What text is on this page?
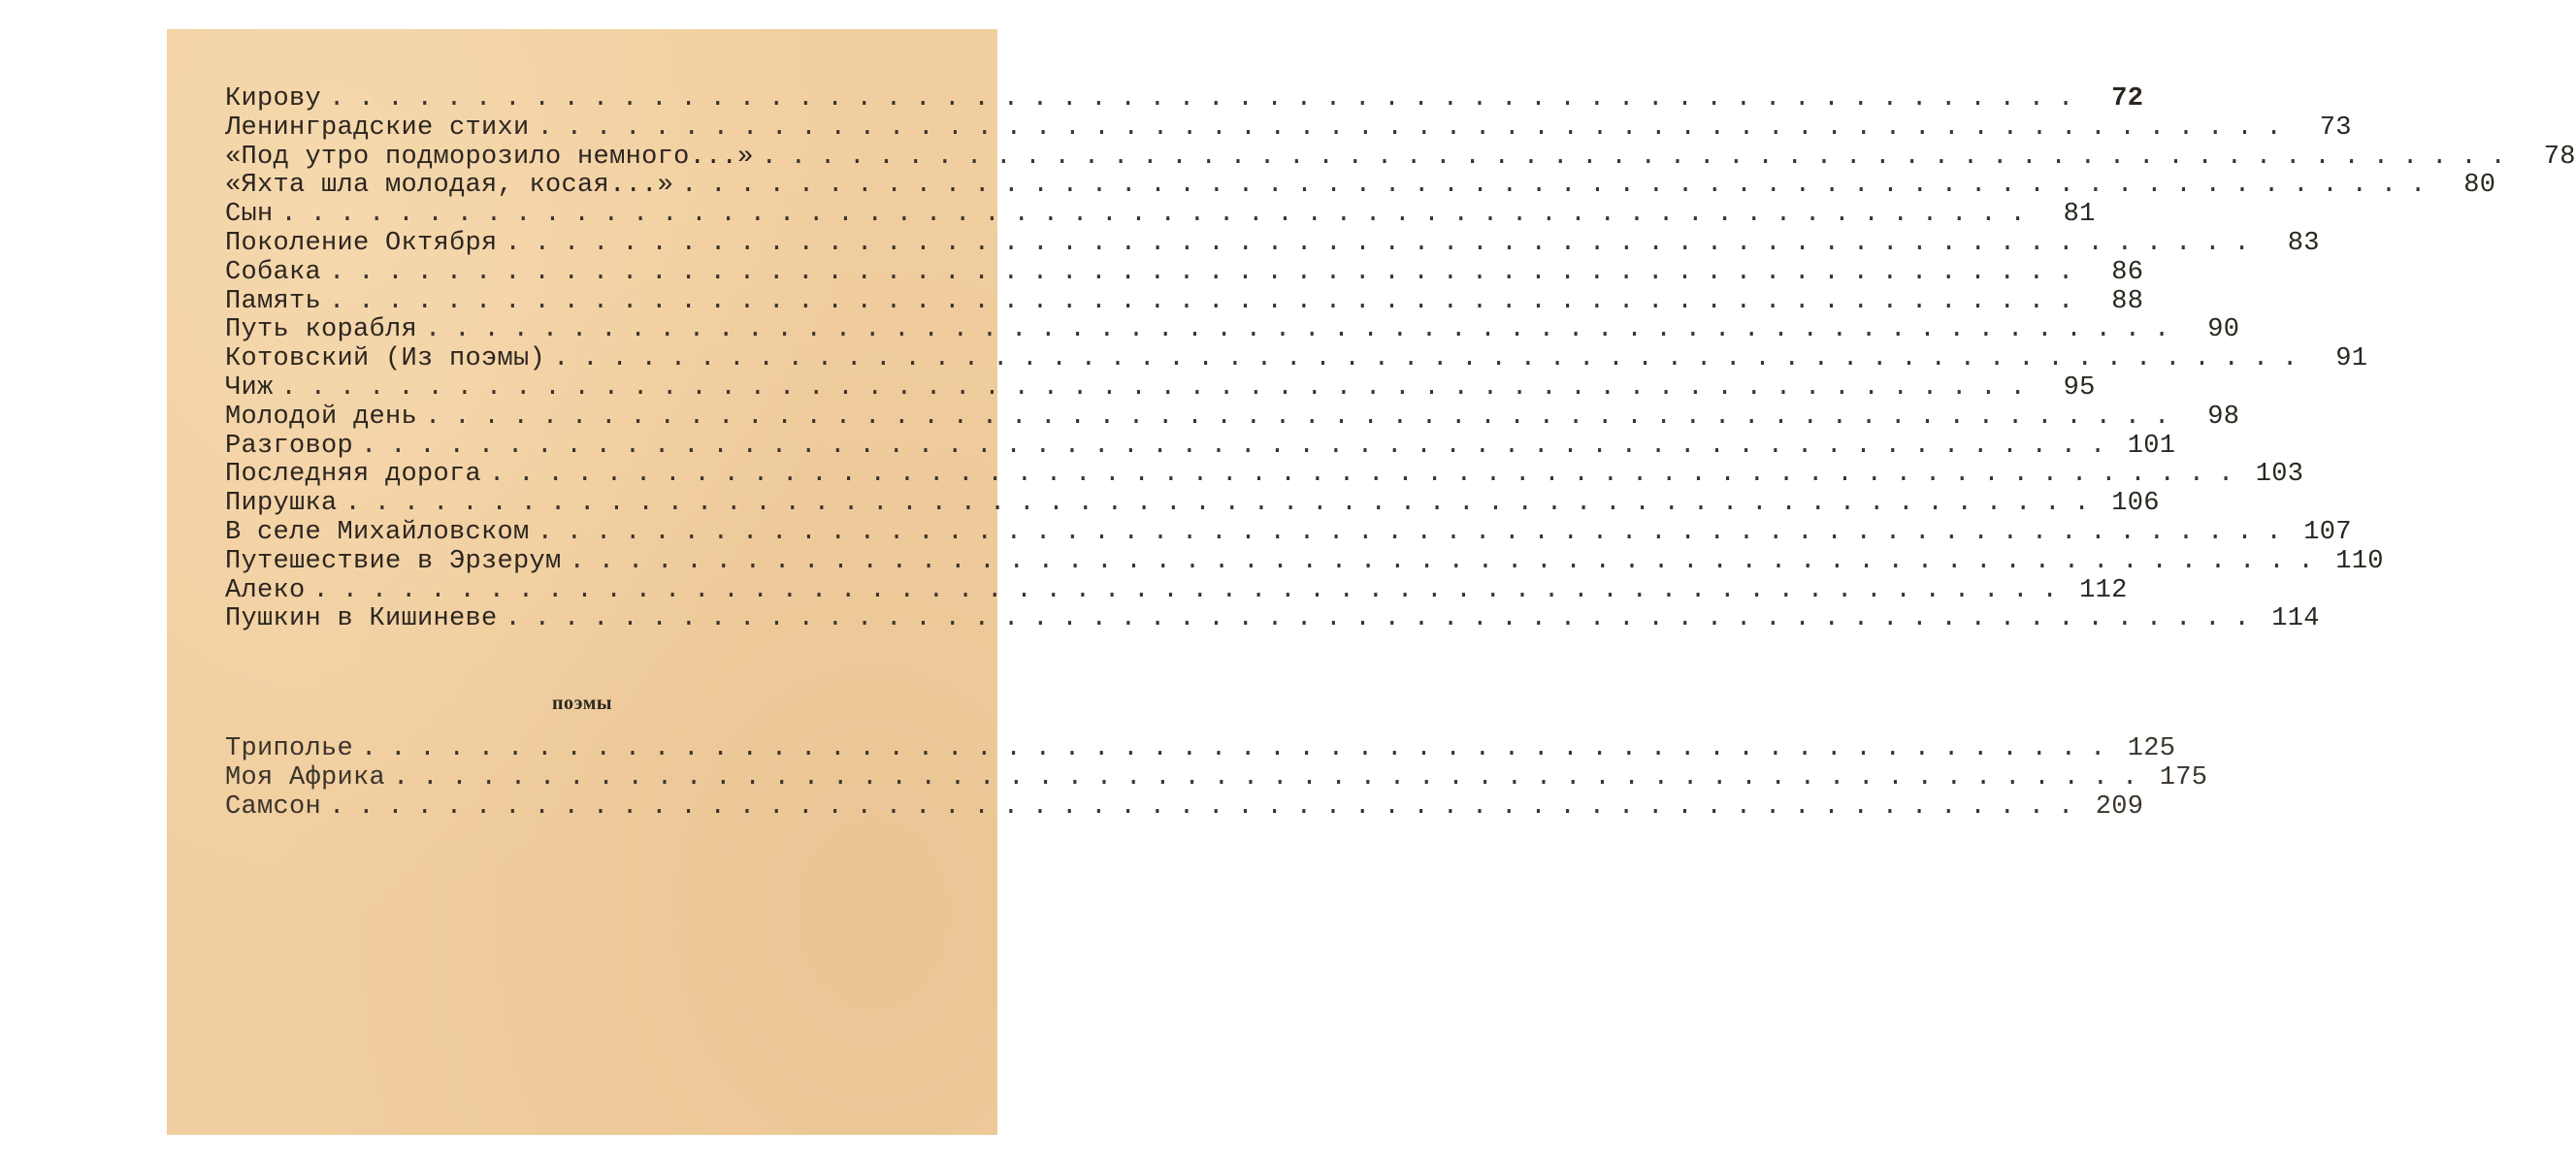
Кирову ............................................................ 72
Ленинградские стихи ............................................................ 73
«Под утро подморозило немного...» ............................................................ 78
«Яхта шла молодая, косая...» ............................................................ 80
Сын ............................................................ 81
Поколение Октября ............................................................ 83
Собака ............................................................ 86
Память ............................................................ 88
Путь корабля ............................................................ 90
Котовский (Из поэмы) ............................................................ 91
Чиж ............................................................ 95
Молодой день ............................................................ 98
Разговор ............................................................ 101
Последняя дорога ............................................................ 103
Пирушка ............................................................ 106
В селе Михайловском ............................................................ 107
Путешествие в Эрзерум ............................................................ 110
Алеко ............................................................ 112
Пушкин в Кишиневе ............................................................ 114
поэмы
Триполье ............................................................ 125
Моя Африка ............................................................ 175
Самсон ............................................................ 209
